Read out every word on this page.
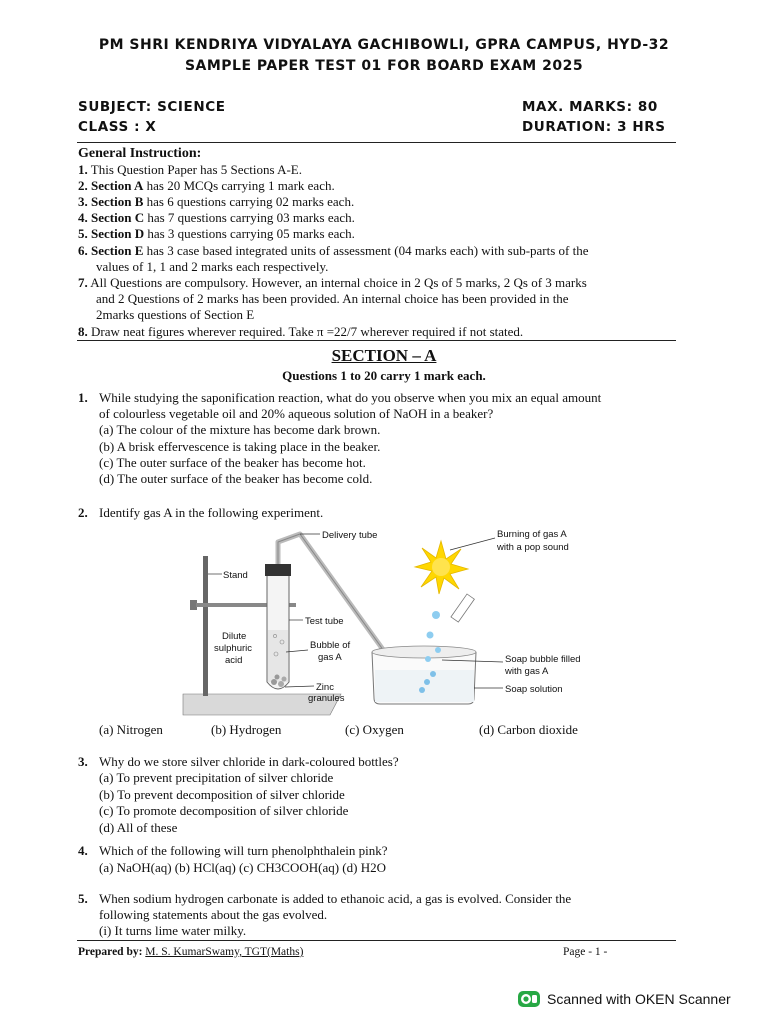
PM SHRI KENDRIYA VIDYALAYA GACHIBOWLI, GPRA CAMPUS, HYD-32
SAMPLE PAPER TEST 01 FOR BOARD EXAM 2025
SUBJECT: SCIENCE	MAX. MARKS: 80
CLASS : X	DURATION: 3 HRS
General Instruction:
1. This Question Paper has 5 Sections A-E.
2. Section A has 20 MCQs carrying 1 mark each.
3. Section B has 6 questions carrying 02 marks each.
4. Section C has 7 questions carrying 03 marks each.
5. Section D has 3 questions carrying 05 marks each.
6. Section E has 3 case based integrated units of assessment (04 marks each) with sub-parts of the
values of 1, 1 and 2 marks each respectively.
7. All Questions are compulsory. However, an internal choice in 2 Qs of 5 marks, 2 Qs of 3 marks
and 2 Questions of 2 marks has been provided. An internal choice has been provided in the
2marks questions of Section E
8. Draw neat figures wherever required. Take π =22/7 wherever required if not stated.
SECTION – A
Questions 1 to 20 carry 1 mark each.
1. While studying the saponification reaction, what do you observe when you mix an equal amount
of colourless vegetable oil and 20% aqueous solution of NaOH in a beaker?
(a) The colour of the mixture has become dark brown.
(b) A brisk effervescence is taking place in the beaker.
(c) The outer surface of the beaker has become hot.
(d) The outer surface of the beaker has become cold.
2. Identify gas A in the following experiment.
Delivery tube	Burning of gas A
with a pop sound
Stand
Test tube
Dilute
sulphuric
acid
Bubble of
gas A	Soap bubble filled
with gas A
Soap solution
Zinc
granules
(a) Nitrogen	(b) Hydrogen	(c) Oxygen	(d) Carbon dioxide
3. Why do we store silver chloride in dark-coloured bottles?
(a) To prevent precipitation of silver chloride
(b) To prevent decomposition of silver chloride
(c) To promote decomposition of silver chloride
(d) All of these
4. Which of the following will turn phenolphthalein pink?
(a) NaOH(aq) (b) HCl(aq) (c) CH3COOH(aq) (d) H2O
5. When sodium hydrogen carbonate is added to ethanoic acid, a gas is evolved. Consider the
following statements about the gas evolved.
(i) It turns lime water milky.
Prepared by: M. S. KumarSwamy, TGT(Maths)	Page - 1 -
Scanned with OKEN Scanner
